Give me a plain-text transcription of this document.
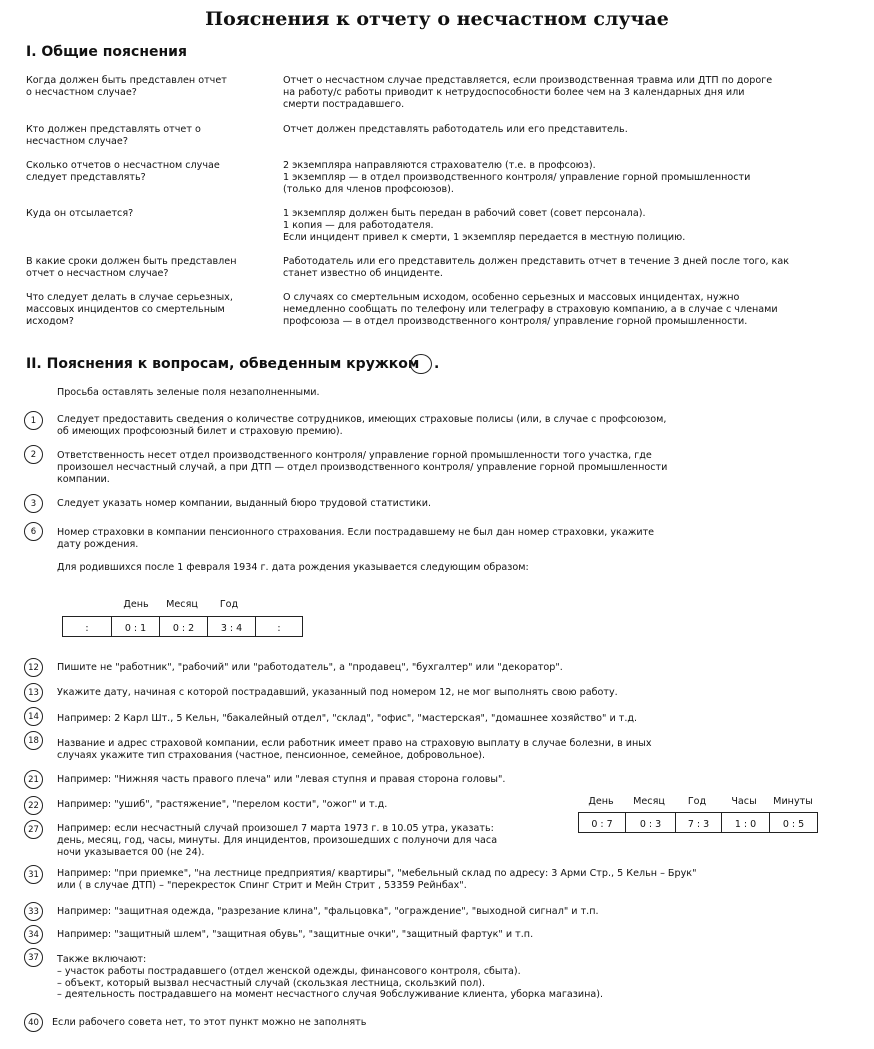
Пояснения к отчету о несчастном случае
I. Общие пояснения
Когда должен быть представлен отчет
о несчастном случае?
Отчет о несчастном случае представляется, если производственная травма или ДТП по дороге
на работу/с работы приводит к нетрудоспособности более чем на 3 календарных дня или
смерти пострадавшего.
Кто должен представлять отчет о
несчастном случае?
Отчет должен представлять работодатель или его представитель.
Сколько отчетов о несчастном случае
следует представлять?
2 экземпляра направляются страхователю (т.е. в профсоюз).
1 экземпляр — в отдел производственного контроля/ управление горной промышленности
(только для членов профсоюзов).
Куда он отсылается?	1 экземпляр должен быть передан в рабочий совет (совет персонала).
1 копия — для работодателя.
Если инцидент привел к смерти, 1 экземпляр передается в местную полицию.
В какие сроки должен быть представлен
отчет о несчастном случае?
Работодатель или его представитель должен представить отчет в течение 3 дней после того, как
станет известно об инциденте.
Что следует делать в случае серьезных,
массовых инцидентов со смертельным
исходом?
О случаях со смертельным исходом, особенно серьезных и массовых инцидентах, нужно
немедленно сообщать по телефону или телеграфу в страховую компанию, а в случае с членами
профсоюза — в отдел производственного контроля/ управление горной промышленности.
II. Пояснения к вопросам, обведенным кружком .
Просьба оставлять зеленые поля незаполненными.
1	Следует предоставить сведения о количестве сотрудников, имеющих страховые полисы (или, в случае с профсоюзом,
об имеющих профсоюзный билет и страховую премию).
2	Ответственность несет отдел производственного контроля/ управление горной промышленности того участка, где
произошел несчастный случай, а при ДТП — отдел производственного контроля/ управление горной промышленности
компании.
3	Следует указать номер компании, выданный бюро трудовой статистики.
6	Номер страховки в компании пенсионного страхования. Если пострадавшему не был дан номер страховки, укажите
дату рождения.
Для родившихся после 1 февраля 1934 г. дата рождения указывается следующим образом:
День	Месяц	Год
:	0 : 1	0 : 2	3 : 4	:
12	Пишите не "работник", "рабочий" или "работодатель", а "продавец", "бухгалтер" или "декоратор".
13	Укажите дату, начиная с которой пострадавший, указанный под номером 12, не мог выполнять свою работу.
14	Например: 2 Карл Шт., 5 Кельн, "бакалейный отдел", "склад", "офис", "мастерская", "домашнее хозяйство" и т.д.
18	Название и адрес страховой компании, если работник имеет право на страховую выплату в случае болезни, в иных
случаях укажите тип страхования (частное, пенсионное, семейное, добровольное).
21	Например: "Нижняя часть правого плеча" или "левая ступня и правая сторона головы".
22	Например: "ушиб", "растяжение", "перелом кости", "ожог" и т.д.	День	Месяц	Год	Часы	Минуты
0 : 7	0 : 3	7 : 3	1 : 0	0 : 5
27	Например: если несчастный случай произошел 7 марта 1973 г. в 10.05 утра, указать:
день, месяц, год, часы, минуты. Для инцидентов, произошедших с полуночи для часа
ночи указывается 00 (не 24).
31	Например: "при приемке", "на лестнице предприятия/ квартиры", "мебельный склад по адресу: 3 Арми Стр., 5 Кельн – Брук"
или ( в случае ДТП) – "перекресток Спинг Стрит и Мейн Стрит , 53359 Рейнбах".
33	Например: "защитная одежда, "разрезание клина", "фальцовка", "ограждение", "выходной сигнал" и т.п.
34	Например: "защитный шлем", "защитная обувь", "защитные очки", "защитный фартук" и т.п.
37	Также включают:
– участок работы пострадавшего (отдел женской одежды, финансового контроля, сбыта).
– объект, который вызвал несчастный случай (скользкая лестница, скользкий пол).
– деятельность пострадавшего на момент несчастного случая 9обслуживание клиента, уборка магазина).
40	Если рабочего совета нет, то этот пункт можно не заполнять
